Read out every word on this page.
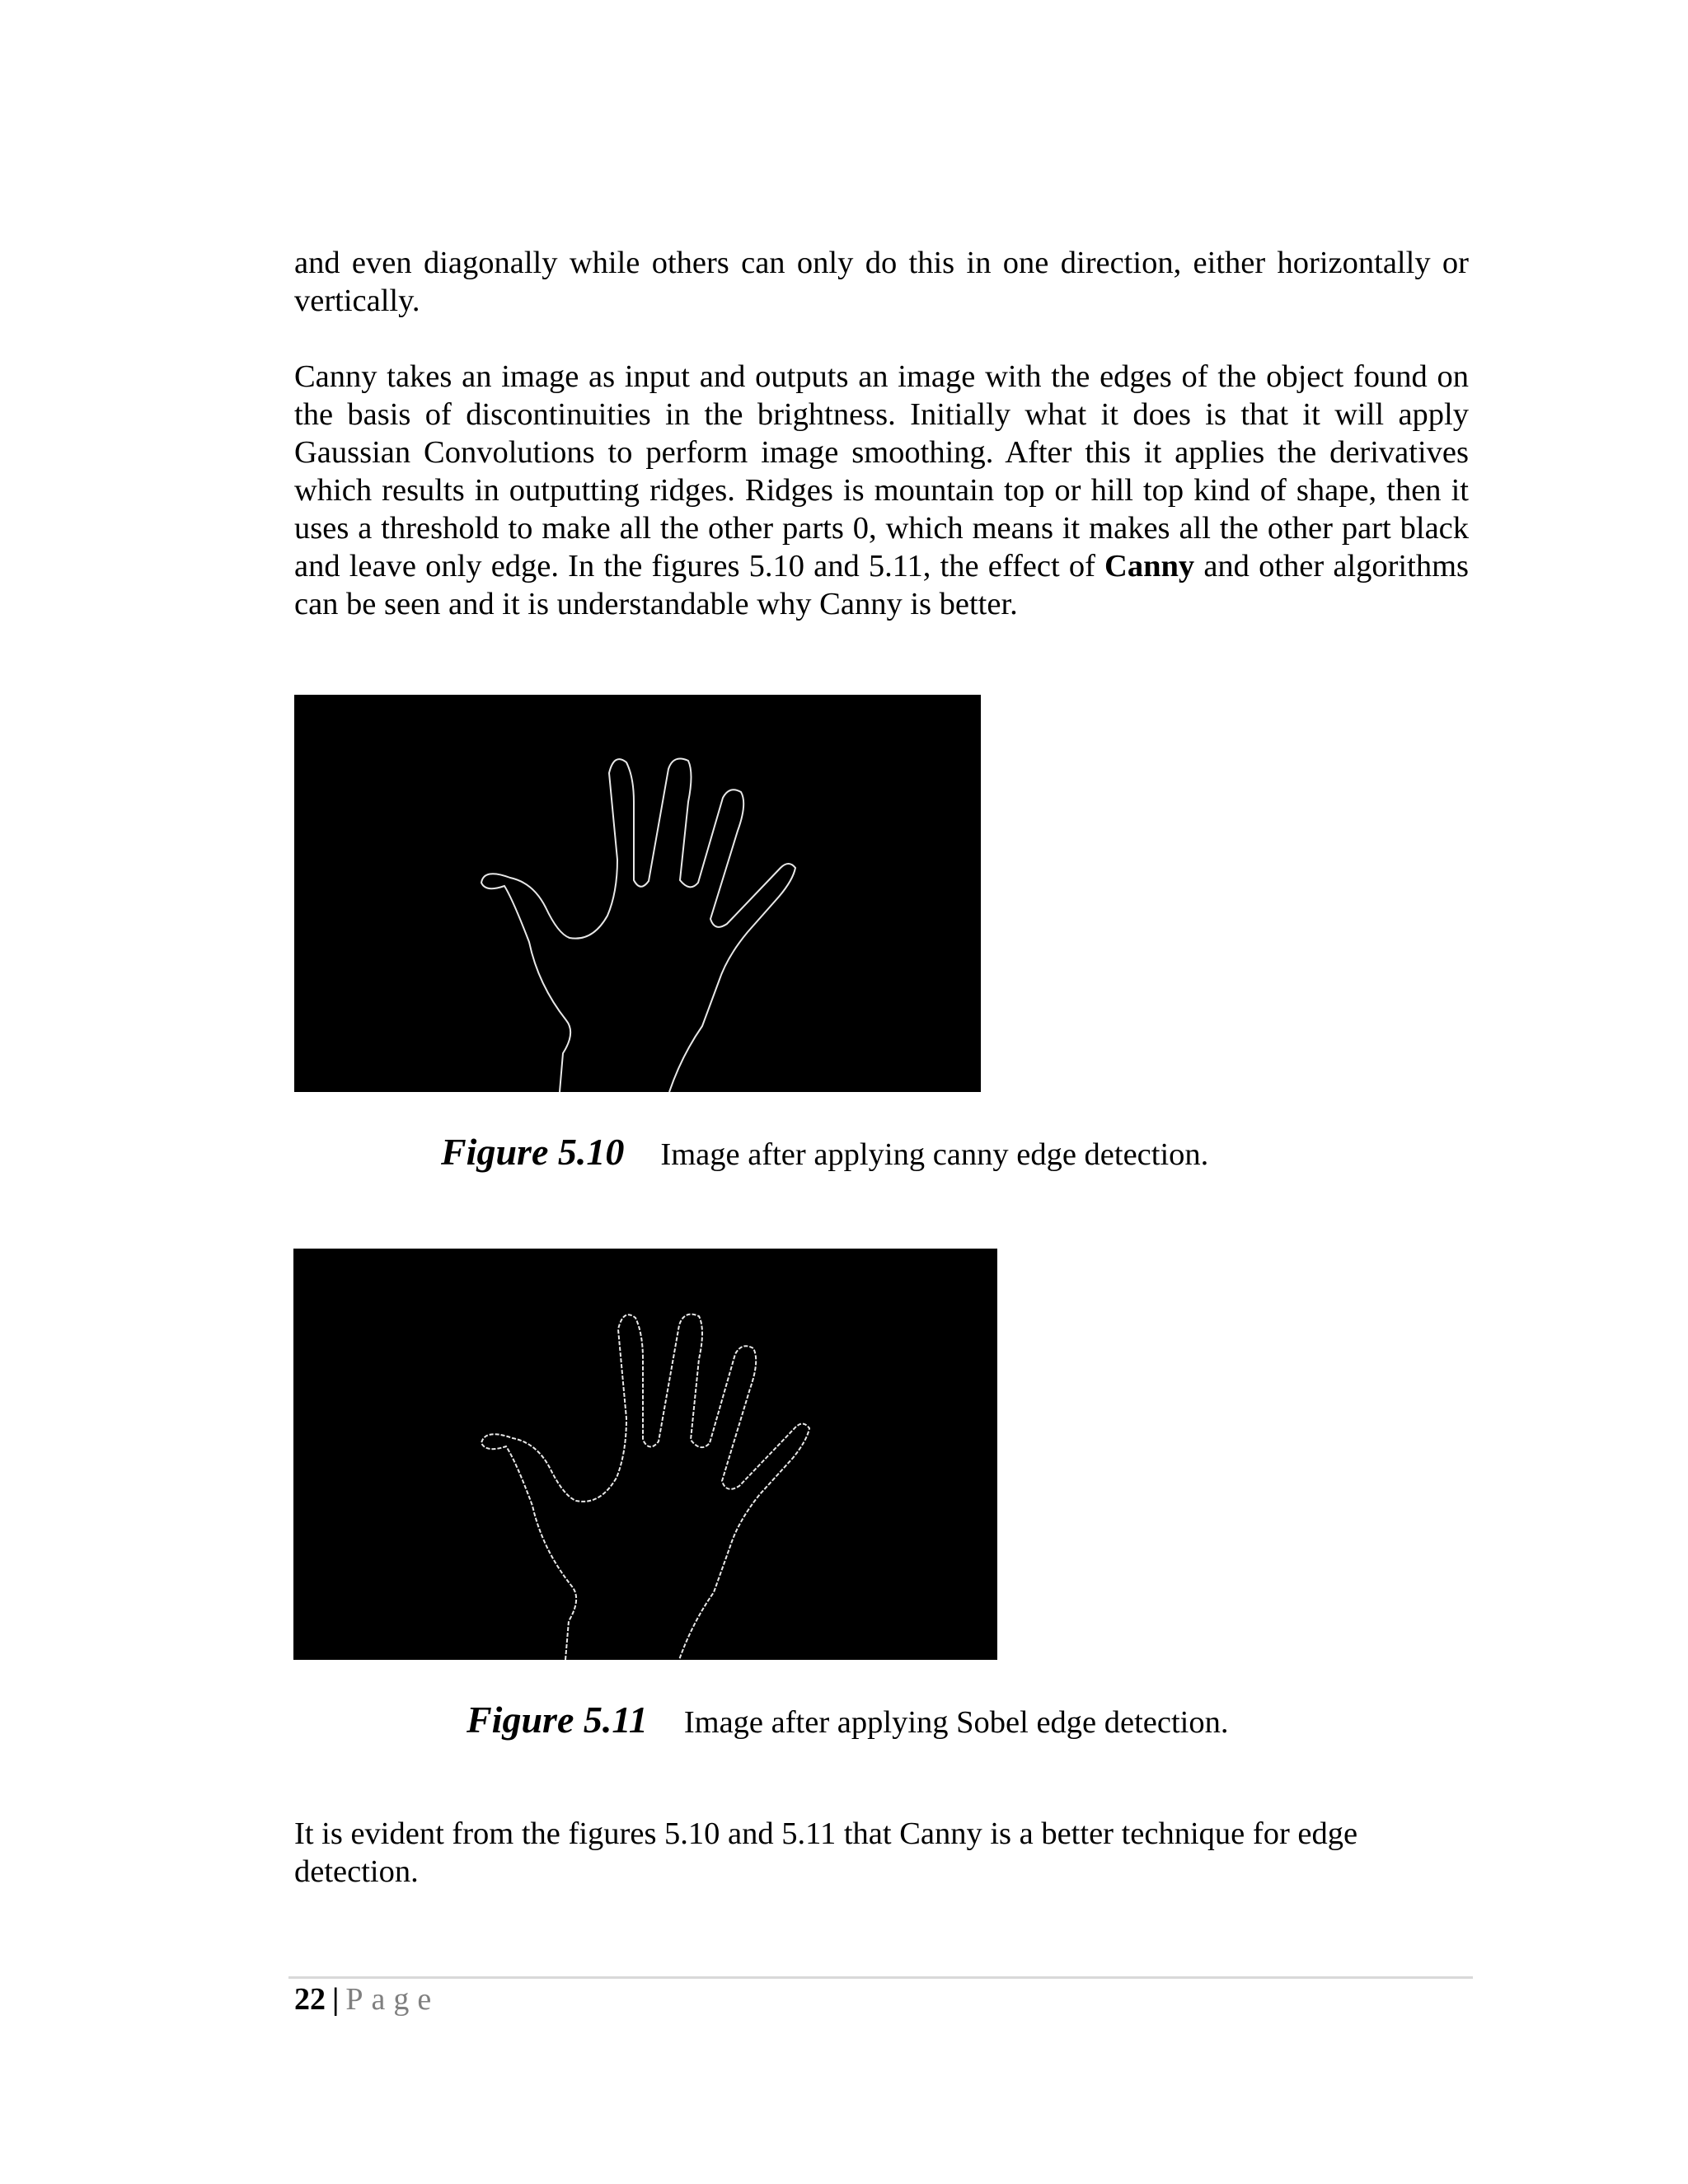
and even diagonally while others can only do this in one direction, either horizontally or vertically.

Canny takes an image as input and outputs an image with the edges of the object found on the basis of discontinuities in the brightness. Initially what it does is that it will apply Gaussian Convolutions to perform image smoothing. After this it applies the derivatives which results in outputting ridges. Ridges is mountain top or hill top kind of shape, then it uses a threshold to make all the other parts 0, which means it makes all the other part black and leave only edge. In the figures 5.10 and 5.11, the effect of Canny and other algorithms can be seen and it is understandable why Canny is better.

Figure 5.10 Image after applying canny edge detection.
Figure 5.11 Image after applying Sobel edge detection.

It is evident from the figures 5.10 and 5.11 that Canny is a better technique for edge detection.

22 | Page
